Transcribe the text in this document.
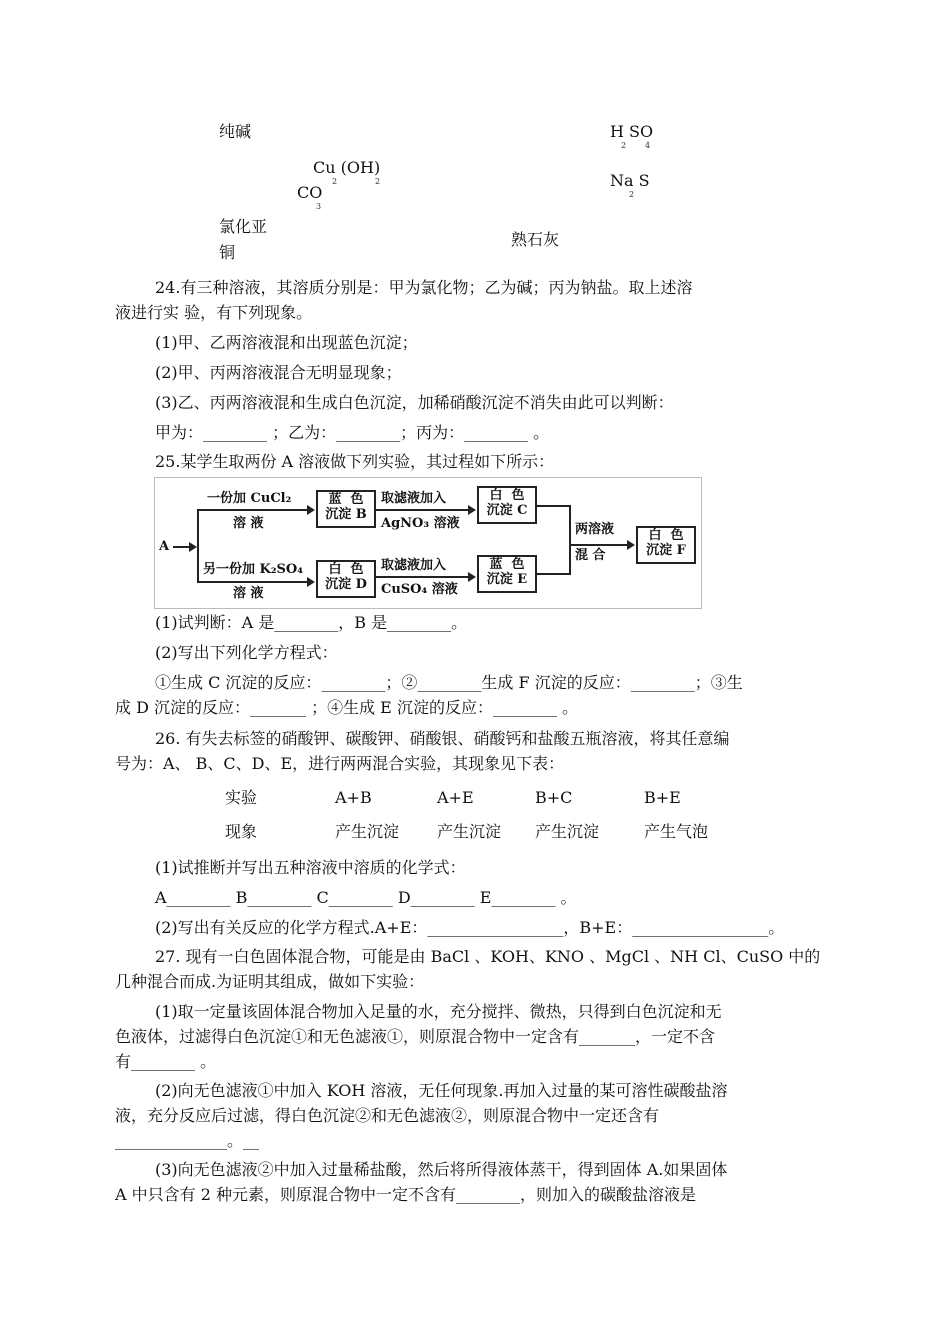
纯碱	H SO
2 4
Cu (OH)
2	2
CO
3
Na S
2
氯化亚
铜
熟石灰
24.有三种溶液，其溶质分别是：甲为氯化物；乙为碱；丙为钠盐。取上述溶
液进行实 验，有下列现象。
(1)甲、乙两溶液混和出现蓝色沉淀；
(2)甲、丙两溶液混合无明显现象；
(3)乙、丙两溶液混和生成白色沉淀，加稀硝酸沉淀不消失由此可以判断：
甲为：________ ；乙为：________；丙为：________ 。
25.某学生取两份 A 溶液做下列实验，其过程如下所示：
A
一份加 CuCl₂
溶 液
蓝  色
沉淀 B
取滤液加入
AgNO₃ 溶液
白  色
沉淀 C
另一份加 K₂SO₄
溶 液
白  色
沉淀 D
取滤液加入
CuSO₄ 溶液
蓝  色
沉淀 E
两溶液
混 合
白  色
沉淀 F
(1)试判断：A 是________，B 是________。
(2)写出下列化学方程式：
①生成 C 沉淀的反应：________；②________生成 F 沉淀的反应：________；③生
成 D 沉淀的反应：_______ ；④生成 E 沉淀的反应：________ 。
26. 有失去标签的硝酸钾、碳酸钾、硝酸银、硝酸钙和盐酸五瓶溶液，将其任意编
号为：A、 B、C、D、E，进行两两混合实验，其现象见下表：
实验	A+B	A+E	B+C	B+E
现象	产生沉淀 产生沉淀 产生沉淀	产生气泡
(1)试推断并写出五种溶液中溶质的化学式：
A________ B________ C________ D________ E________ 。
(2)写出有关反应的化学方程式.A+E：_________________，B+E：_________________。
27. 现有一白色固体混合物，可能是由 BaCl 、KOH、KNO 、MgCl 、NH Cl、CuSO 中的
几种混合而成.为证明其组成，做如下实验：
(1)取一定量该固体混合物加入足量的水，充分搅拌、微热，只得到白色沉淀和无
色液体，过滤得白色沉淀①和无色滤液①，则原混合物中一定含有_______，一定不含
有________ 。
(2)向无色滤液①中加入 KOH 溶液，无任何现象.再加入过量的某可溶性碳酸盐溶
液，充分反应后过滤，得白色沉淀②和无色滤液②，则原混合物中一定还含有
______________。__
(3)向无色滤液②中加入过量稀盐酸，然后将所得液体蒸干，得到固体 A.如果固体
A 中只含有 2 种元素，则原混合物中一定不含有________，则加入的碳酸盐溶液是
